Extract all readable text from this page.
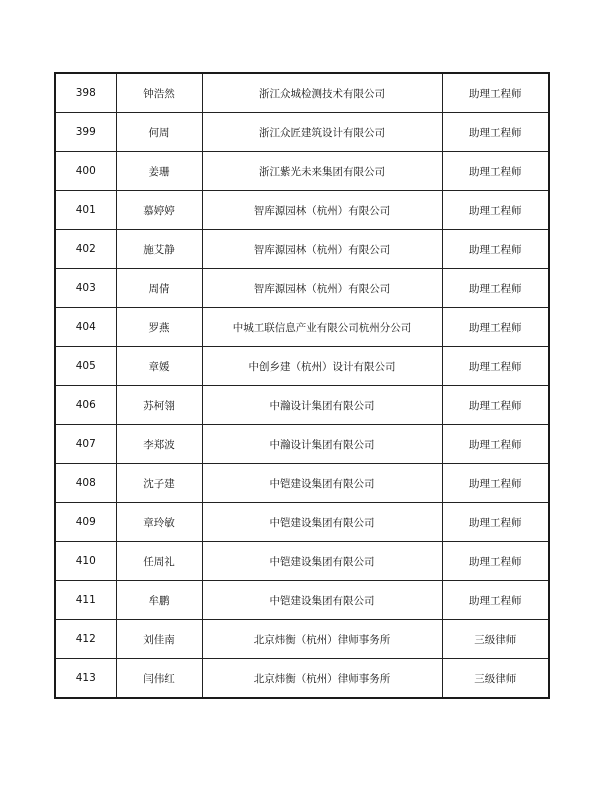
398	钟浩然	浙江众城检测技术有限公司	助理工程师
399	何周	浙江众匠建筑设计有限公司	助理工程师
400	姜珊	浙江紫光未来集团有限公司	助理工程师
401	慕婷婷	智库源园林（杭州）有限公司	助理工程师
402	施艾静	智库源园林（杭州）有限公司	助理工程师
403	周倩	智库源园林（杭州）有限公司	助理工程师
404	罗燕	中城工联信息产业有限公司杭州分公司	助理工程师
405	章媛	中创乡建（杭州）设计有限公司	助理工程师
406	苏柯翎	中瀚设计集团有限公司	助理工程师
407	李郑波	中瀚设计集团有限公司	助理工程师
408	沈子建	中铠建设集团有限公司	助理工程师
409	章玲敏	中铠建设集团有限公司	助理工程师
410	任周礼	中铠建设集团有限公司	助理工程师
411	牟鹏	中铠建设集团有限公司	助理工程师
412	刘佳南	北京炜衡（杭州）律师事务所	三级律师
413	闫伟红	北京炜衡（杭州）律师事务所	三级律师
